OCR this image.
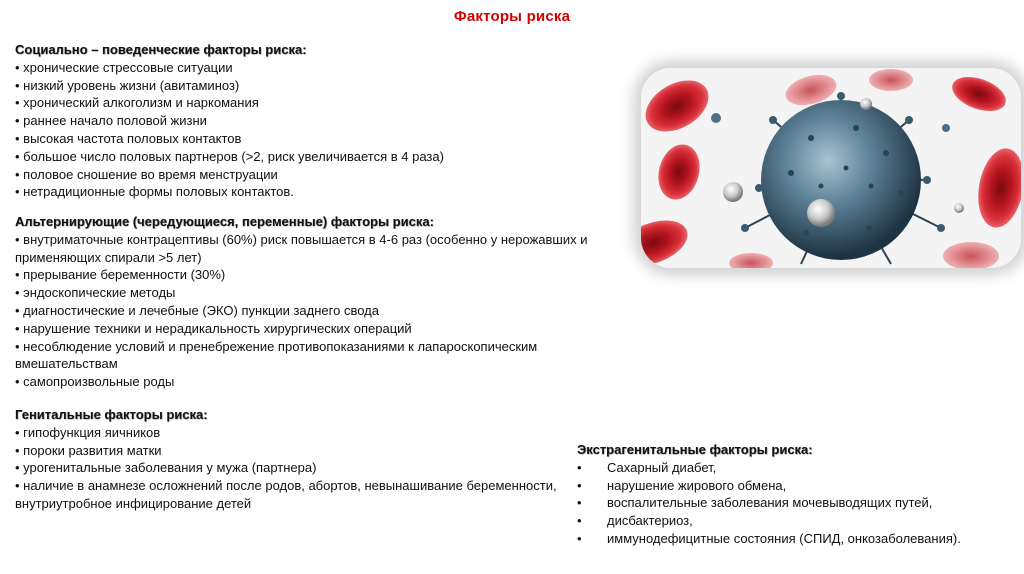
Факторы риска
Социально – поведенческие факторы риска:
• хронические стрессовые ситуации
• низкий уровень жизни (авитаминоз)
• хронический алкоголизм и наркомания
• раннее начало половой жизни
• высокая частота половых контактов
• большое число половых партнеров (>2, риск увеличивается в 4 раза)
• половое сношение во время менструации
• нетрадиционные формы половых контактов.
Альтернирующие (чередующиеся, переменные) факторы риска:
• внутриматочные контрацептивы (60%) риск повышается в 4-6 раз (особенно у нерожавших и применяющих спирали >5 лет)
• прерывание беременности (30%)
• эндоскопические методы
• диагностические и лечебные (ЭКО) пункции заднего свода
• нарушение техники и нерадикальность хирургических операций
• несоблюдение условий и пренебрежение противопоказаниями к лапароскопическим вмешательствам
• самопроизвольные роды
Генитальные факторы риска:
• гипофункция яичников
• пороки развития матки
• урогенитальные заболевания у мужа (партнера)
• наличие в анамнезе осложнений после родов, абортов, невынашивание беременности, внутриутробное инфицирование детей
Экстрагенитальные факторы риска:
• Сахарный диабет,
• нарушение жирового обмена,
• воспалительные заболевания мочевыводящих путей,
• дисбактериоз,
• иммунодефицитные состояния (СПИД, онкозаболевания).
